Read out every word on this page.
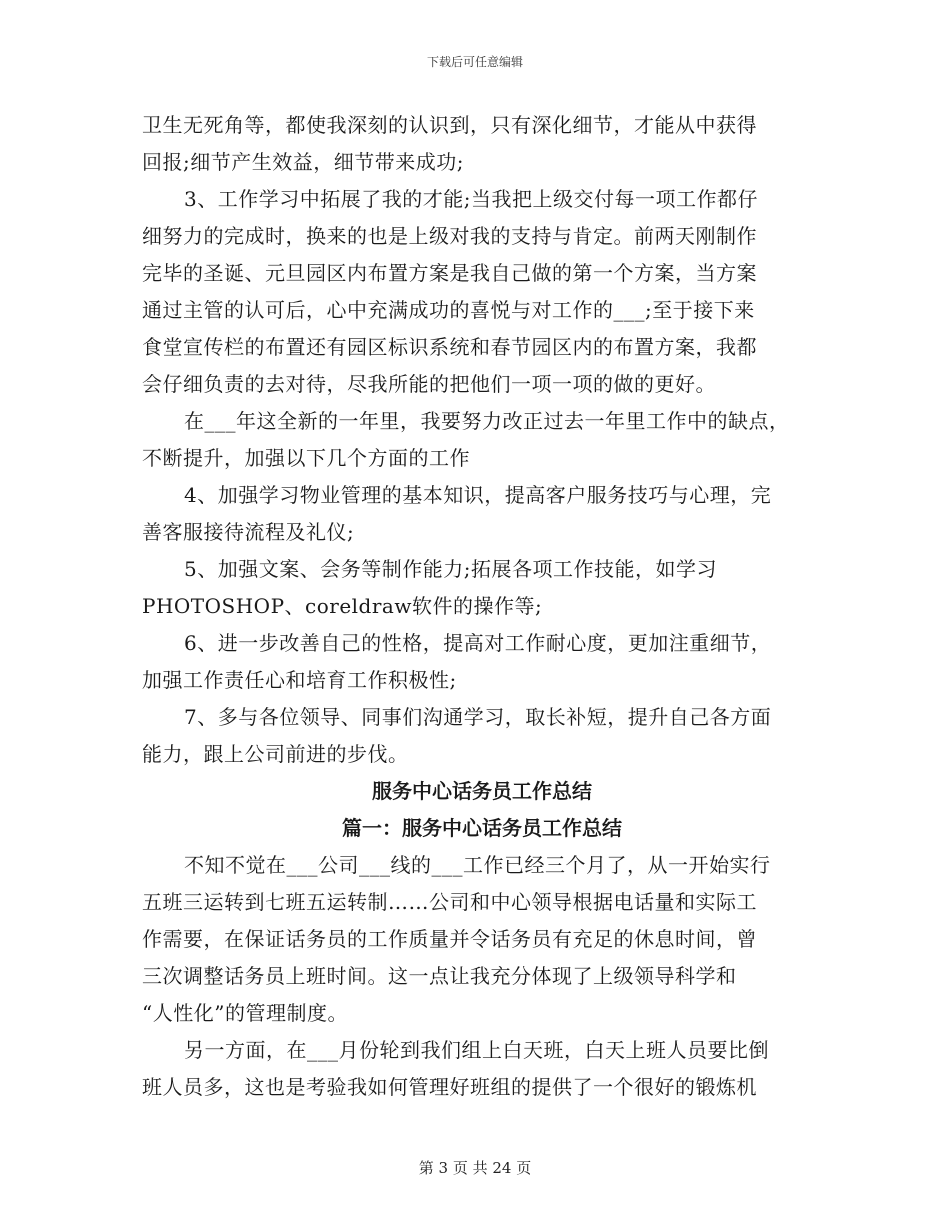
下载后可任意编辑
卫生无死角等，都使我深刻的认识到，只有深化细节，才能从中获得
回报;细节产生效益，细节带来成功;
3、工作学习中拓展了我的才能;当我把上级交付每一项工作都仔
细努力的完成时，换来的也是上级对我的支持与肯定。前两天刚制作
完毕的圣诞、元旦园区内布置方案是我自己做的第一个方案，当方案
通过主管的认可后，心中充满成功的喜悦与对工作的___;至于接下来
食堂宣传栏的布置还有园区标识系统和春节园区内的布置方案，我都
会仔细负责的去对待，尽我所能的把他们一项一项的做的更好。
在___年这全新的一年里，我要努力改正过去一年里工作中的缺点，
不断提升，加强以下几个方面的工作
4、加强学习物业管理的基本知识，提高客户服务技巧与心理，完
善客服接待流程及礼仪;
5、加强文案、会务等制作能力;拓展各项工作技能，如学习
PHOTOSHOP、coreldraw软件的操作等;
6、进一步改善自己的性格，提高对工作耐心度，更加注重细节，
加强工作责任心和培育工作积极性;
7、多与各位领导、同事们沟通学习，取长补短，提升自己各方面
能力，跟上公司前进的步伐。
服务中心话务员工作总结
篇一：服务中心话务员工作总结
不知不觉在___公司___线的___工作已经三个月了，从一开始实行
五班三运转到七班五运转制……公司和中心领导根据电话量和实际工
作需要，在保证话务员的工作质量并令话务员有充足的休息时间，曾
三次调整话务员上班时间。这一点让我充分体现了上级领导科学和
“人性化”的管理制度。
另一方面，在___月份轮到我们组上白天班，白天上班人员要比倒
班人员多，这也是考验我如何管理好班组的提供了一个很好的锻炼机
第 3 页 共 24 页
